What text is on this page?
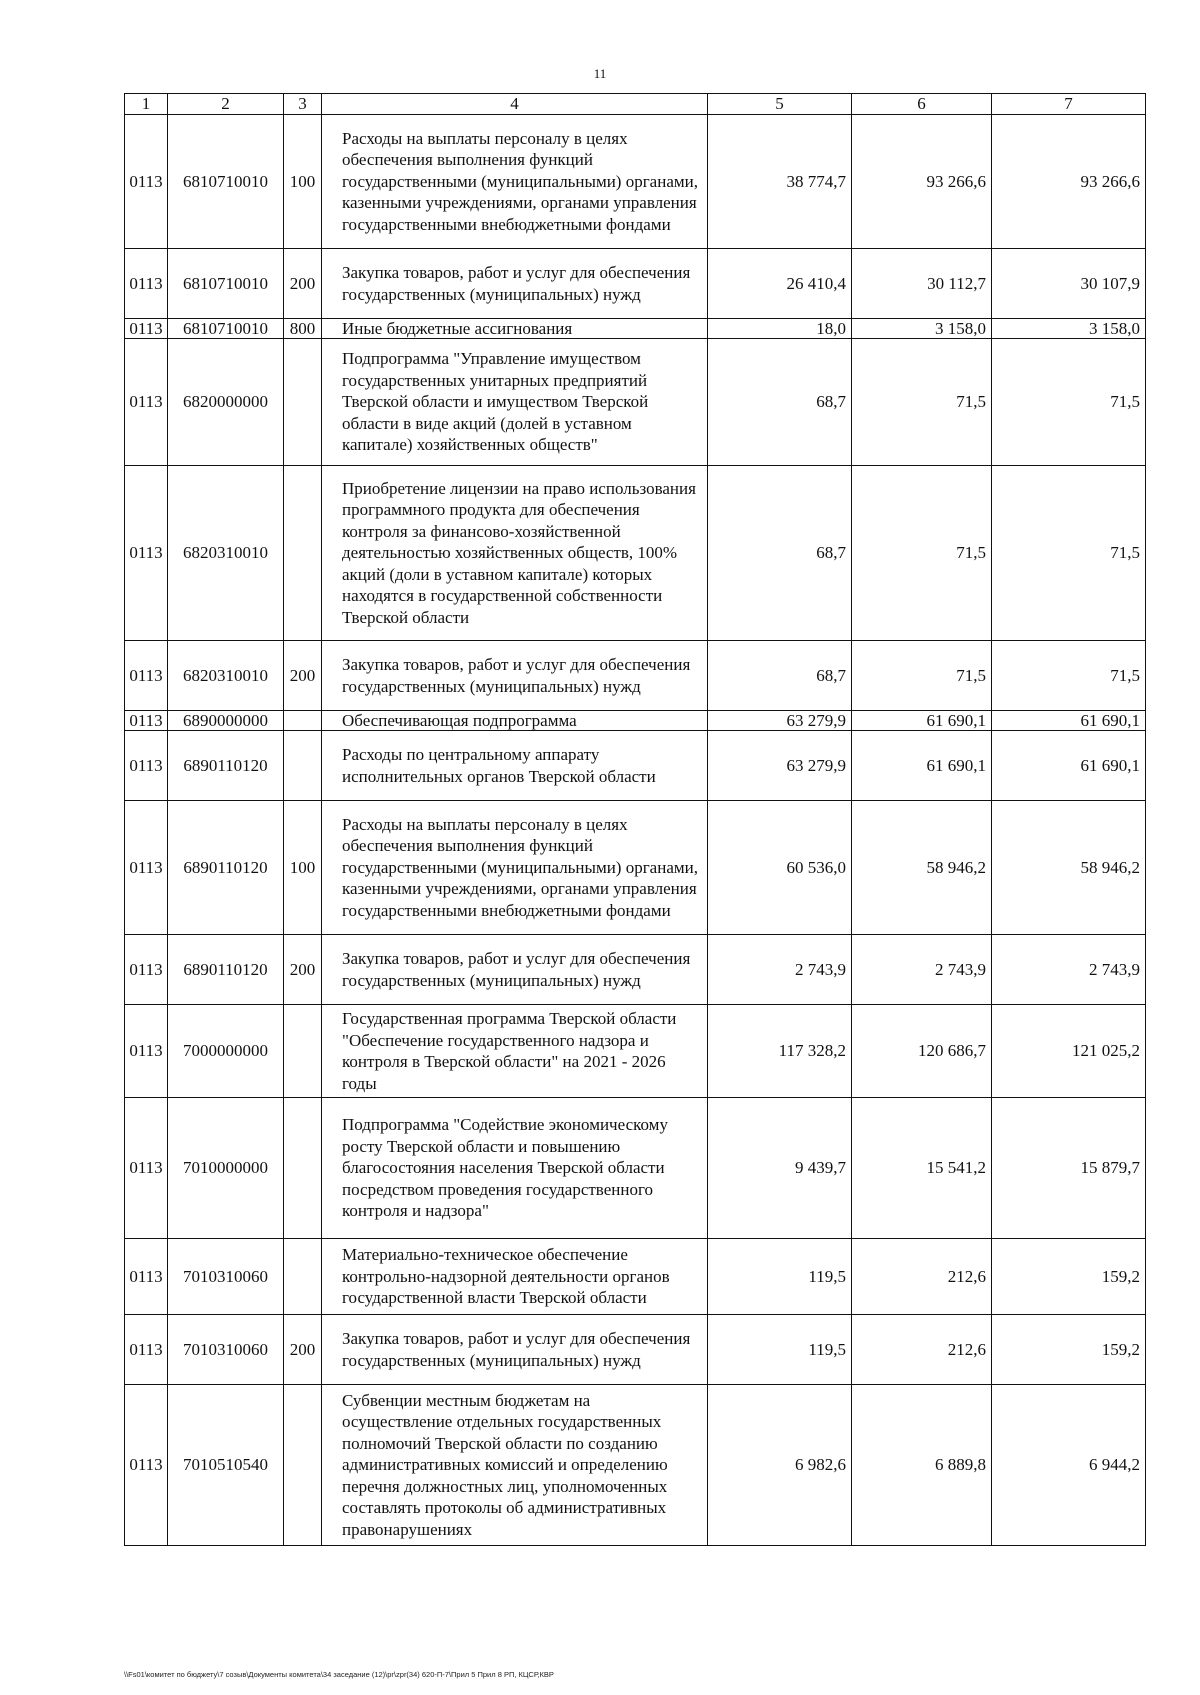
11
1	2	3	4	5	6	7
0113	6810710010	100	Расходы на выплаты персоналу в целях обеспечения выполнения функций государственными (муниципальными) органами, казенными учреждениями, органами управления государственными внебюджетными фондами	38 774,7	93 266,6	93 266,6
0113	6810710010	200	Закупка товаров, работ и услуг для обеспечения государственных (муниципальных) нужд	26 410,4	30 112,7	30 107,9
0113	6810710010	800	Иные бюджетные ассигнования	18,0	3 158,0	3 158,0
0113	6820000000		Подпрограмма "Управление имуществом государственных унитарных предприятий Тверской области и имуществом Тверской области в виде акций (долей в уставном капитале) хозяйственных обществ"	68,7	71,5	71,5
0113	6820310010		Приобретение лицензии на право использования программного продукта для обеспечения контроля за финансово-хозяйственной деятельностью хозяйственных обществ, 100% акций (доли в уставном капитале) которых находятся в государственной собственности Тверской области	68,7	71,5	71,5
0113	6820310010	200	Закупка товаров, работ и услуг для обеспечения государственных (муниципальных) нужд	68,7	71,5	71,5
0113	6890000000		Обеспечивающая подпрограмма	63 279,9	61 690,1	61 690,1
0113	6890110120		Расходы по центральному аппарату исполнительных органов Тверской области	63 279,9	61 690,1	61 690,1
0113	6890110120	100	Расходы на выплаты персоналу в целях обеспечения выполнения функций государственными (муниципальными) органами, казенными учреждениями, органами управления государственными внебюджетными фондами	60 536,0	58 946,2	58 946,2
0113	6890110120	200	Закупка товаров, работ и услуг для обеспечения государственных (муниципальных) нужд	2 743,9	2 743,9	2 743,9
0113	7000000000		Государственная программа Тверской области "Обеспечение государственного надзора и контроля в Тверской области" на 2021 - 2026 годы	117 328,2	120 686,7	121 025,2
0113	7010000000		Подпрограмма "Содействие экономическому росту Тверской области и повышению благосостояния населения Тверской области посредством проведения государственного контроля и надзора"	9 439,7	15 541,2	15 879,7
0113	7010310060		Материально-техническое обеспечение контрольно-надзорной деятельности органов государственной власти Тверской области	119,5	212,6	159,2
0113	7010310060	200	Закупка товаров, работ и услуг для обеспечения государственных (муниципальных) нужд	119,5	212,6	159,2
0113	7010510540		Субвенции местным бюджетам на осуществление отдельных государственных полномочий Тверской области по созданию административных комиссий и определению перечня должностных лиц, уполномоченных составлять протоколы об административных правонарушениях	6 982,6	6 889,8	6 944,2
\\Fs01\комитет по бюджету\7 созыв\Документы комитета\34 заседание (12)\pr\zpr(34) 620-П-7\Прил 5 Прил 8 РП, КЦСР,КВР
